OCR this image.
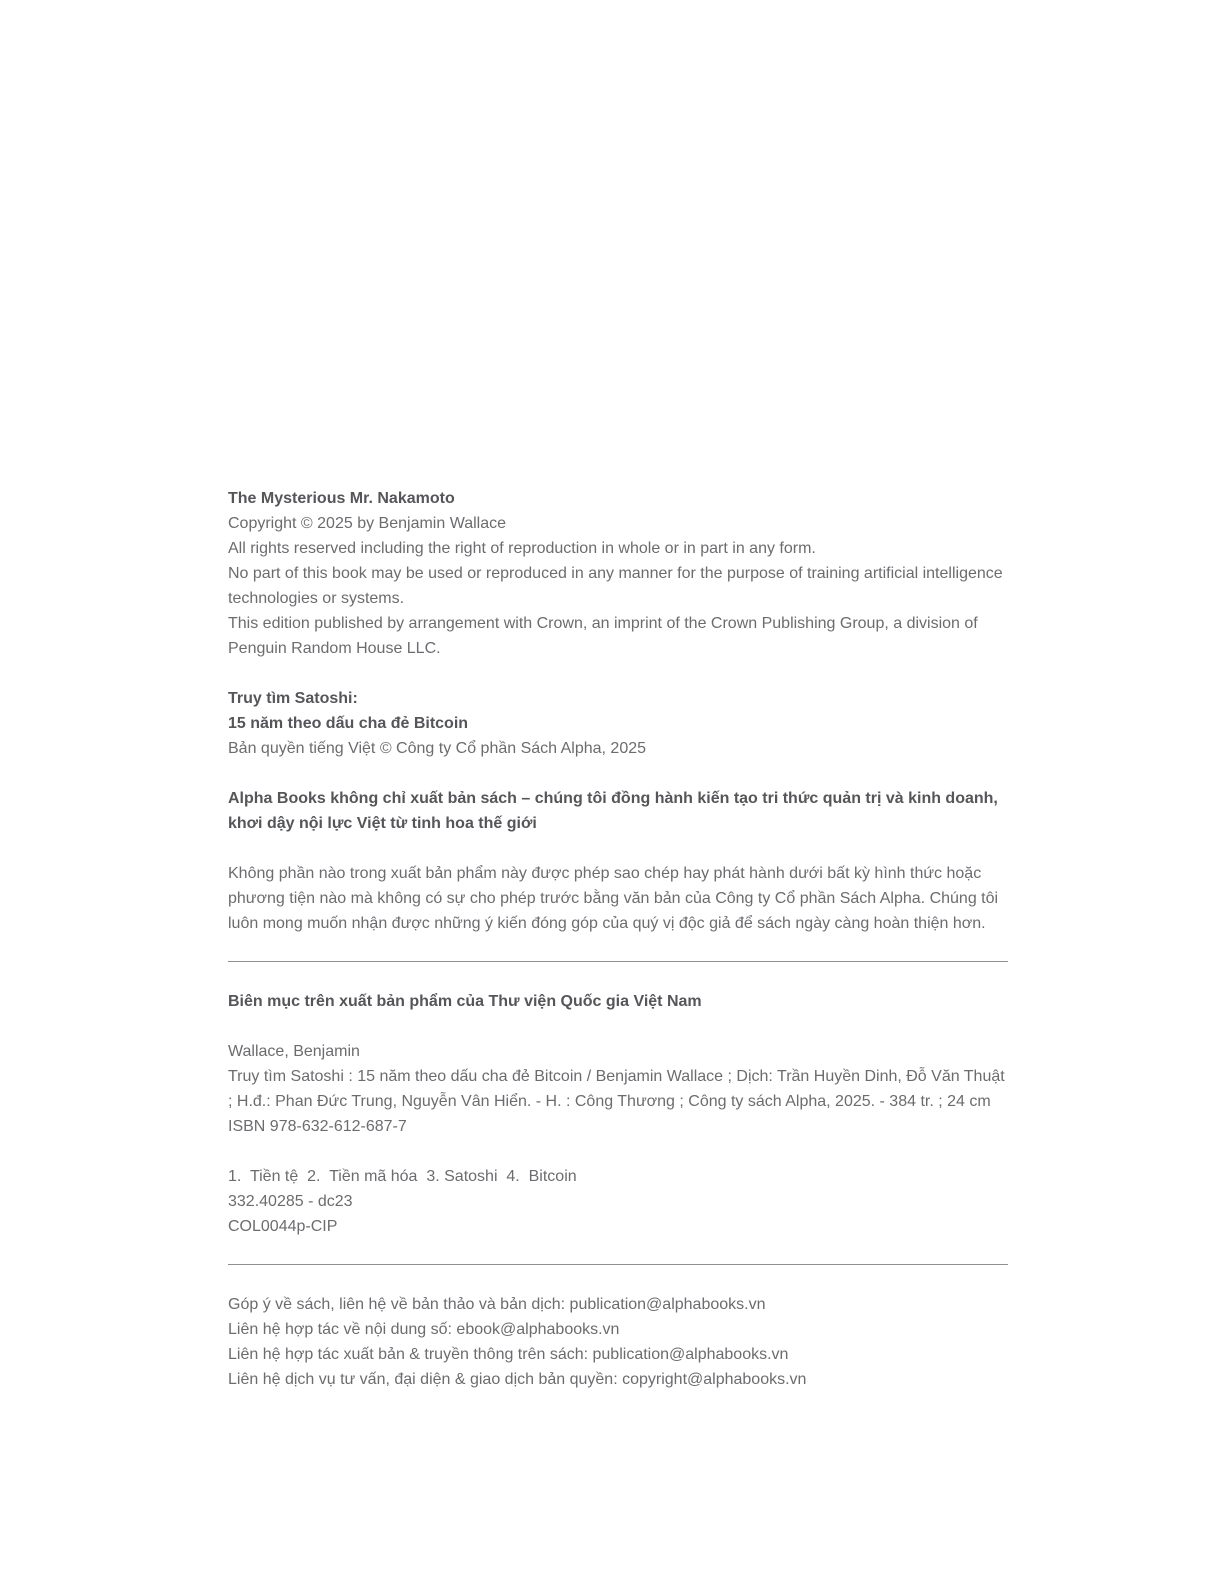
The Mysterious Mr. Nakamoto

Copyright © 2025 by Benjamin Wallace

All rights reserved including the right of reproduction in whole or in part in any form.

No part of this book may be used or reproduced in any manner for the purpose of training artificial intelligence technologies or systems.

This edition published by arrangement with Crown, an imprint of the Crown Publishing Group, a division of Penguin Random House LLC.

Truy tìm Satoshi:

15 năm theo dấu cha đẻ Bitcoin

Bản quyền tiếng Việt © Công ty Cổ phần Sách Alpha, 2025

Alpha Books không chỉ xuất bản sách – chúng tôi đồng hành kiến tạo tri thức quản trị và kinh doanh, khơi dậy nội lực Việt từ tinh hoa thế giới

Không phần nào trong xuất bản phẩm này được phép sao chép hay phát hành dưới bất kỳ hình thức hoặc phương tiện nào mà không có sự cho phép trước bằng văn bản của Công ty Cổ phần Sách Alpha. Chúng tôi luôn mong muốn nhận được những ý kiến đóng góp của quý vị độc giả để sách ngày càng hoàn thiện hơn.

Biên mục trên xuất bản phẩm của Thư viện Quốc gia Việt Nam

Wallace, Benjamin

Truy tìm Satoshi : 15 năm theo dấu cha đẻ Bitcoin / Benjamin Wallace ; Dịch: Trần Huyền Dinh, Đỗ Văn Thuật ; H.đ.: Phan Đức Trung, Nguyễn Vân Hiển. - H. : Công Thương ; Công ty sách Alpha, 2025. - 384 tr. ; 24 cm

ISBN 978-632-612-687-7

1.  Tiền tệ  2.  Tiền mã hóa  3. Satoshi  4.  Bitcoin

332.40285 - dc23

COL0044p-CIP

Góp ý về sách, liên hệ về bản thảo và bản dịch: publication@alphabooks.vn

Liên hệ hợp tác về nội dung số: ebook@alphabooks.vn

Liên hệ hợp tác xuất bản & truyền thông trên sách: publication@alphabooks.vn

Liên hệ dịch vụ tư vấn, đại diện & giao dịch bản quyền: copyright@alphabooks.vn
